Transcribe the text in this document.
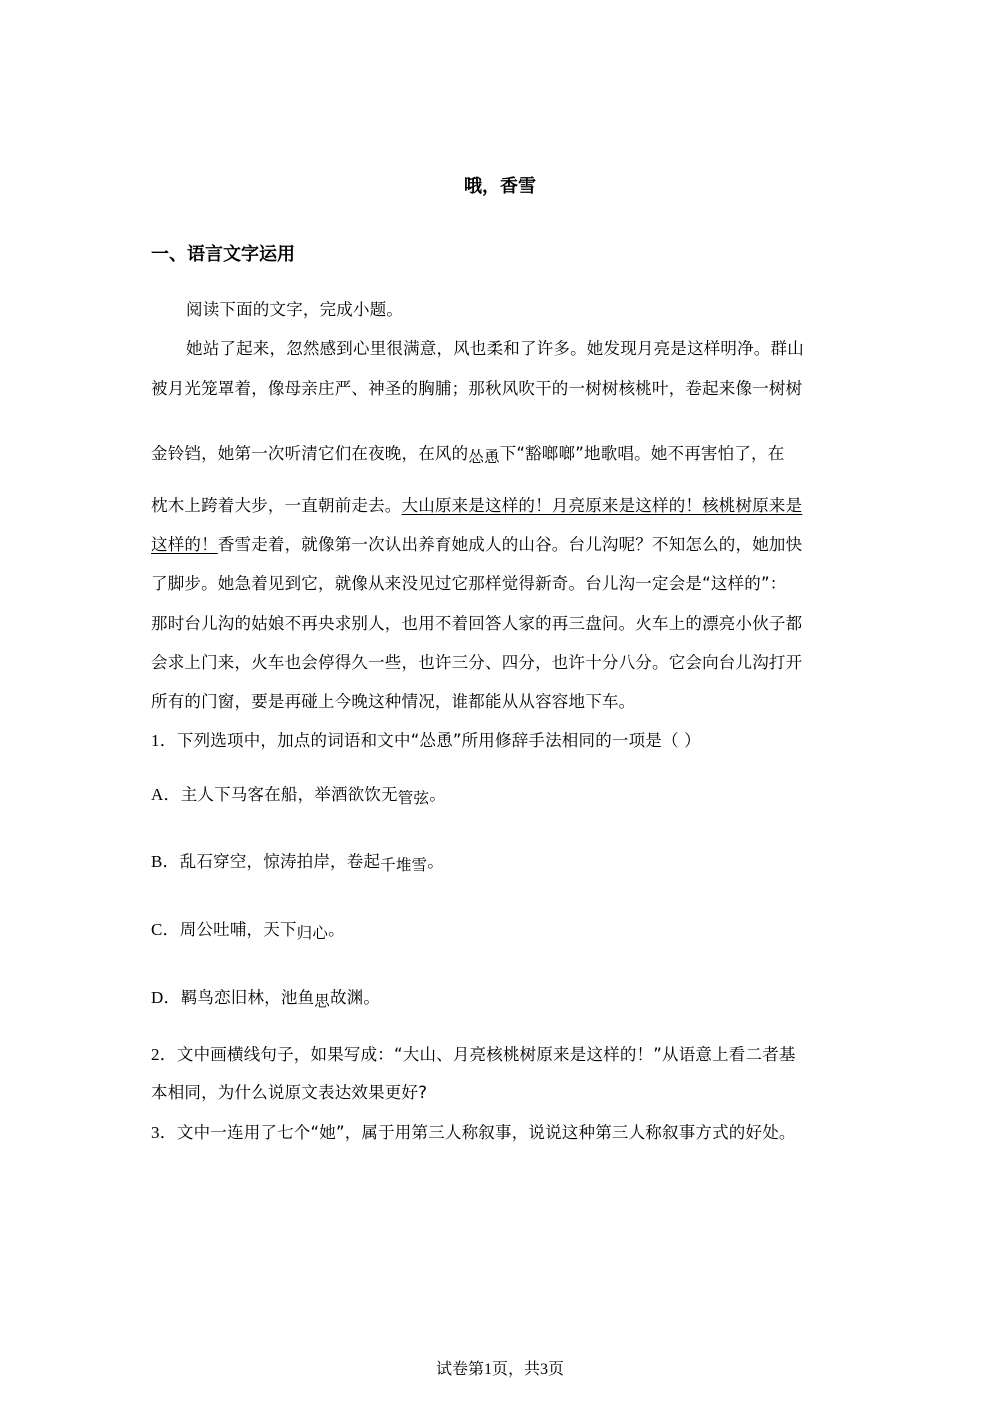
哦，香雪
一、语言文字运用
阅读下面的文字，完成小题。
她站了起来，忽然感到心里很满意，风也柔和了许多。她发现月亮是这样明净。群山
被月光笼罩着，像母亲庄严、神圣的胸脯；那秋风吹干的一树树核桃叶，卷起来像一树树
金铃铛，她第一次听清它们在夜晚，在风的怂恿下“豁啷啷”地歌唱。她不再害怕了，在
枕木上跨着大步，一直朝前走去。大山原来是这样的！月亮原来是这样的！核桃树原来是
这样的！香雪走着，就像第一次认出养育她成人的山谷。台儿沟呢？不知怎么的，她加快
了脚步。她急着见到它，就像从来没见过它那样觉得新奇。台儿沟一定会是“这样的”：
那时台儿沟的姑娘不再央求别人，也用不着回答人家的再三盘问。火车上的漂亮小伙子都
会求上门来，火车也会停得久一些，也许三分、四分，也许十分八分。它会向台儿沟打开
所有的门窗，要是再碰上今晚这种情况，谁都能从从容容地下车。
1．下列选项中，加点的词语和文中“怂恿”所用修辞手法相同的一项是（ ）
A．主人下马客在船，举酒欲饮无管弦。
B．乱石穿空，惊涛拍岸，卷起千堆雪。
C．周公吐哺，天下归心。
D．羁鸟恋旧林，池鱼思故渊。
2．文中画横线句子，如果写成：“大山、月亮核桃树原来是这样的！”从语意上看二者基
本相同，为什么说原文表达效果更好?
3．文中一连用了七个“她”，属于用第三人称叙事，说说这种第三人称叙事方式的好处。
试卷第1页，共3页
